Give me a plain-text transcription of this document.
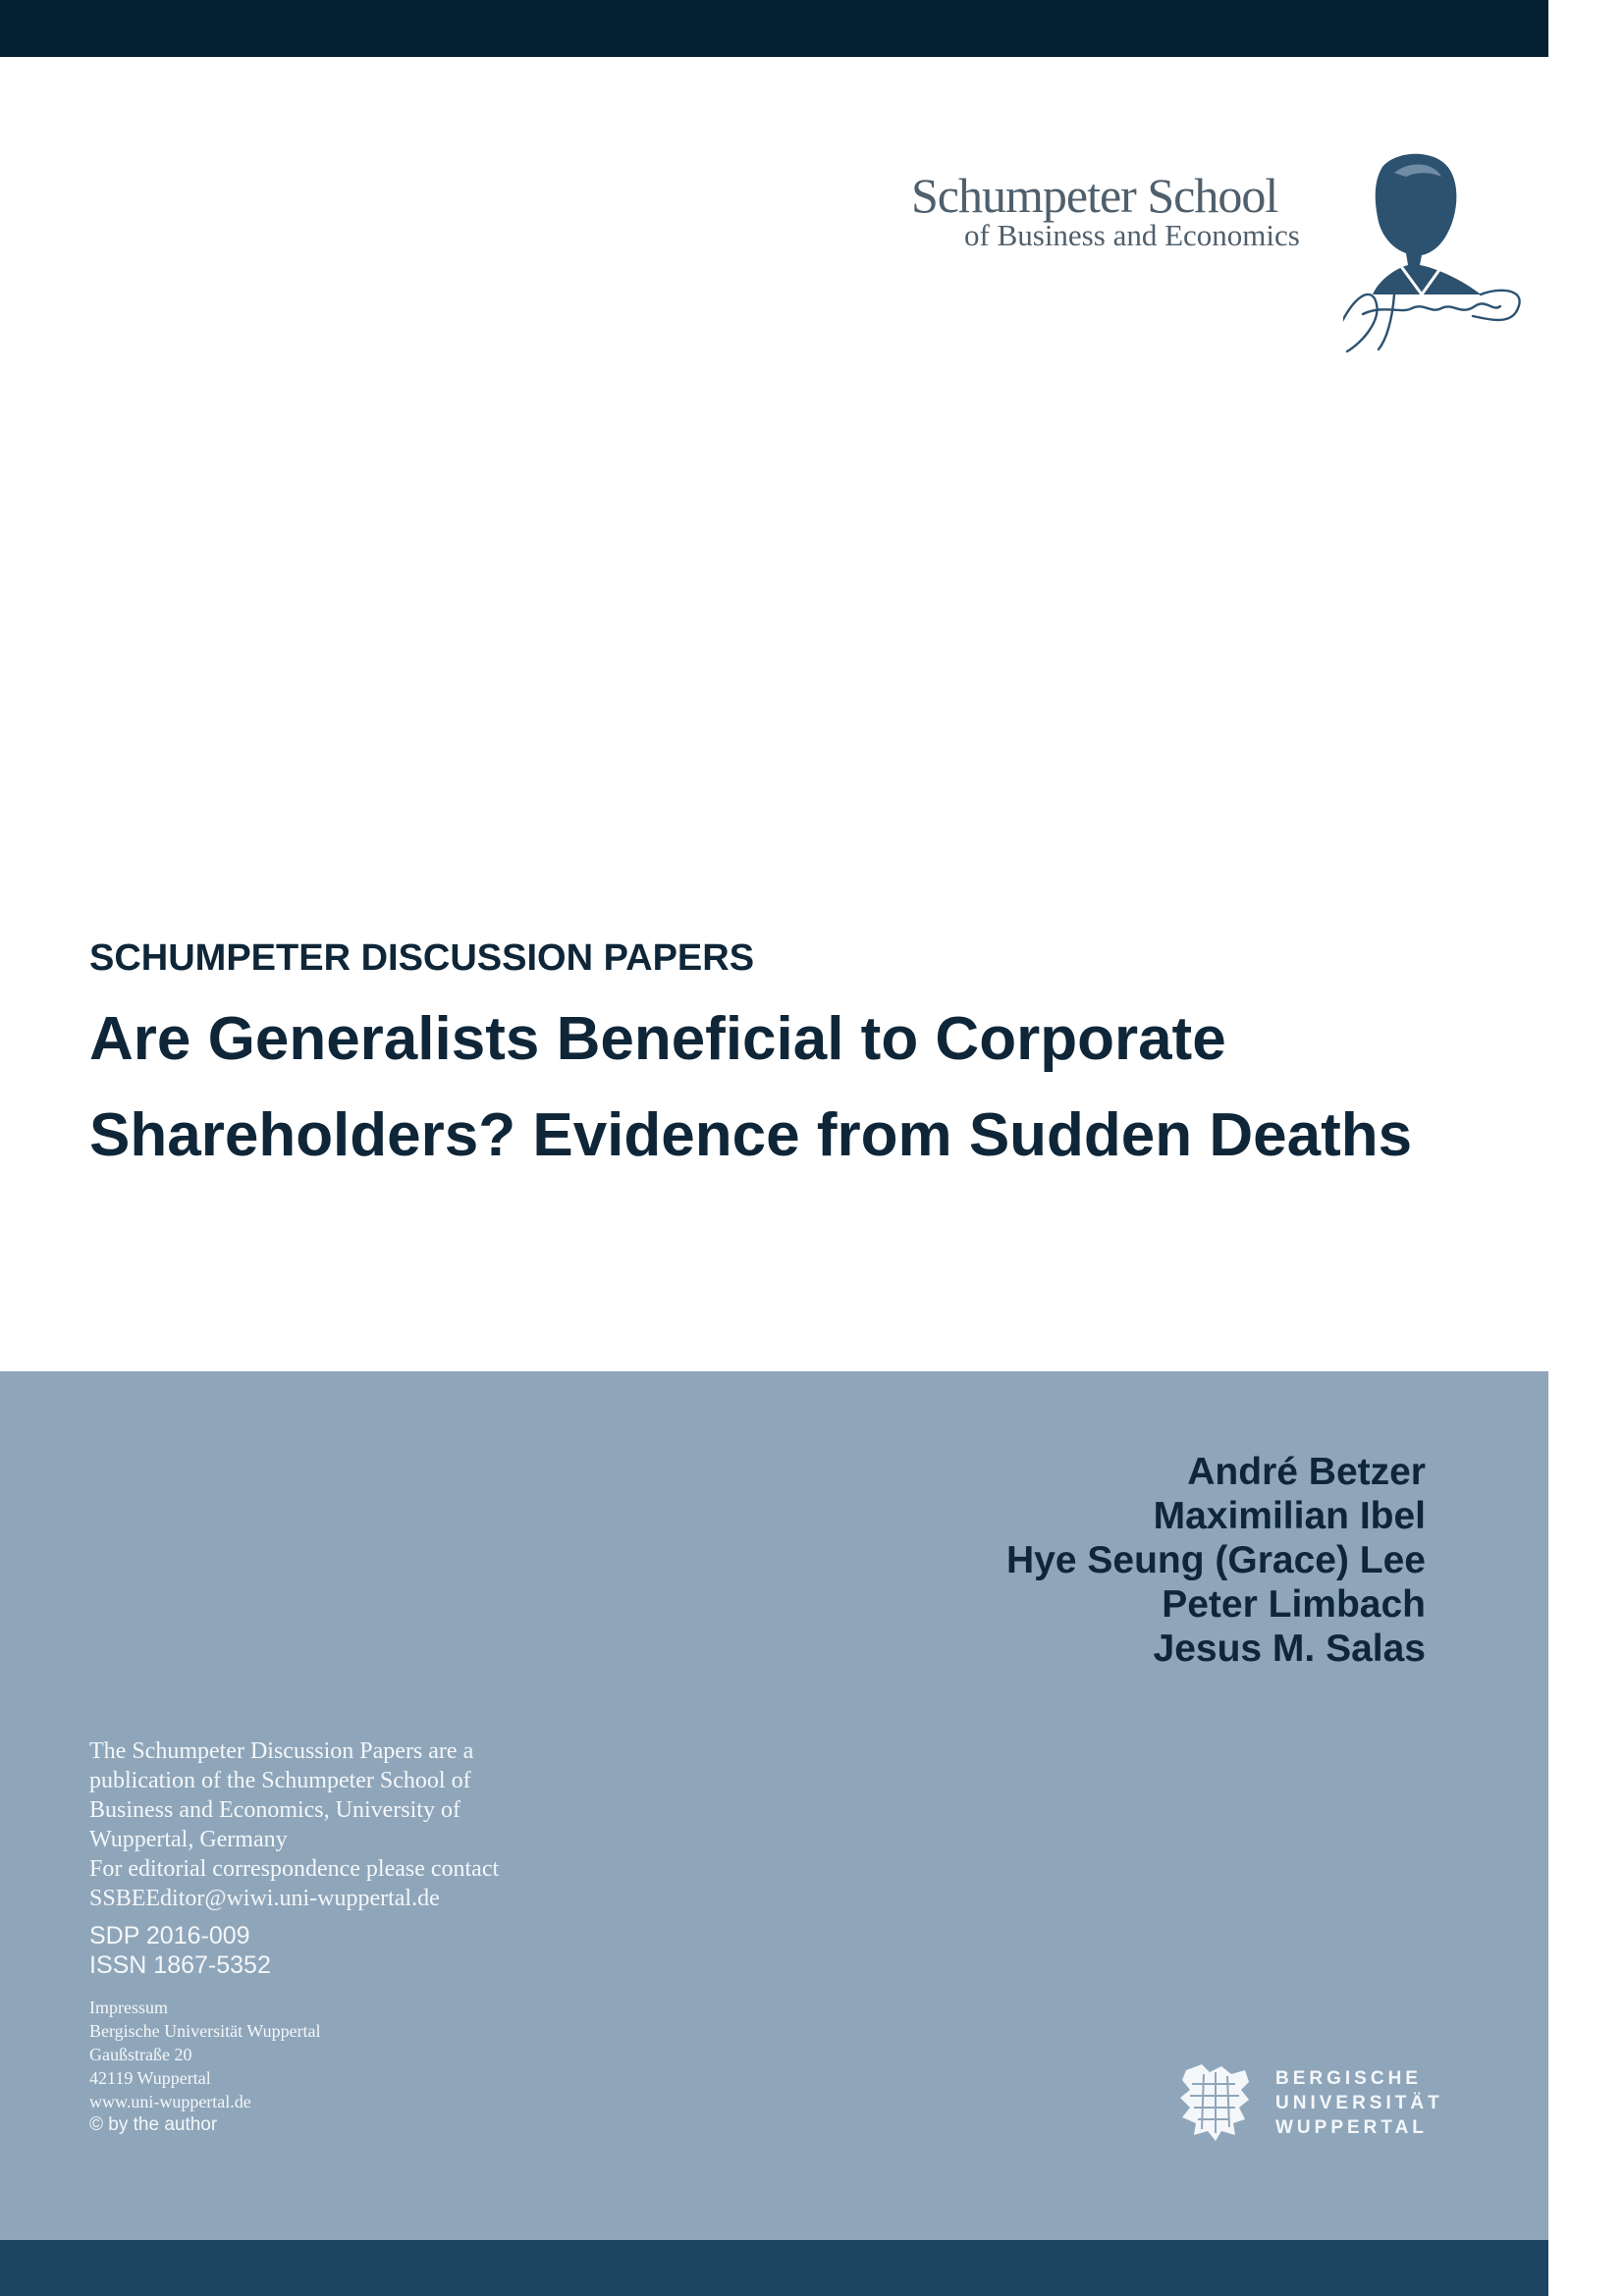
Schumpeter School
of Business and Economics
SCHUMPETER DISCUSSION PAPERS
Are Generalists Beneficial to Corporate
Shareholders? Evidence from Sudden Deaths
André Betzer
Maximilian Ibel
Hye Seung (Grace) Lee
Peter Limbach
Jesus M. Salas
The Schumpeter Discussion Papers are a
publication of the Schumpeter School of
Business and Economics, University of
Wuppertal, Germany
For editorial correspondence please contact
SSBEEditor@wiwi.uni-wuppertal.de
SDP 2016-009
ISSN 1867-5352
Impressum
Bergische Universität Wuppertal
Gaußstraße 20
42119 Wuppertal
www.uni-wuppertal.de
© by the author
BERGISCHE
UNIVERSITÄT
WUPPERTAL
